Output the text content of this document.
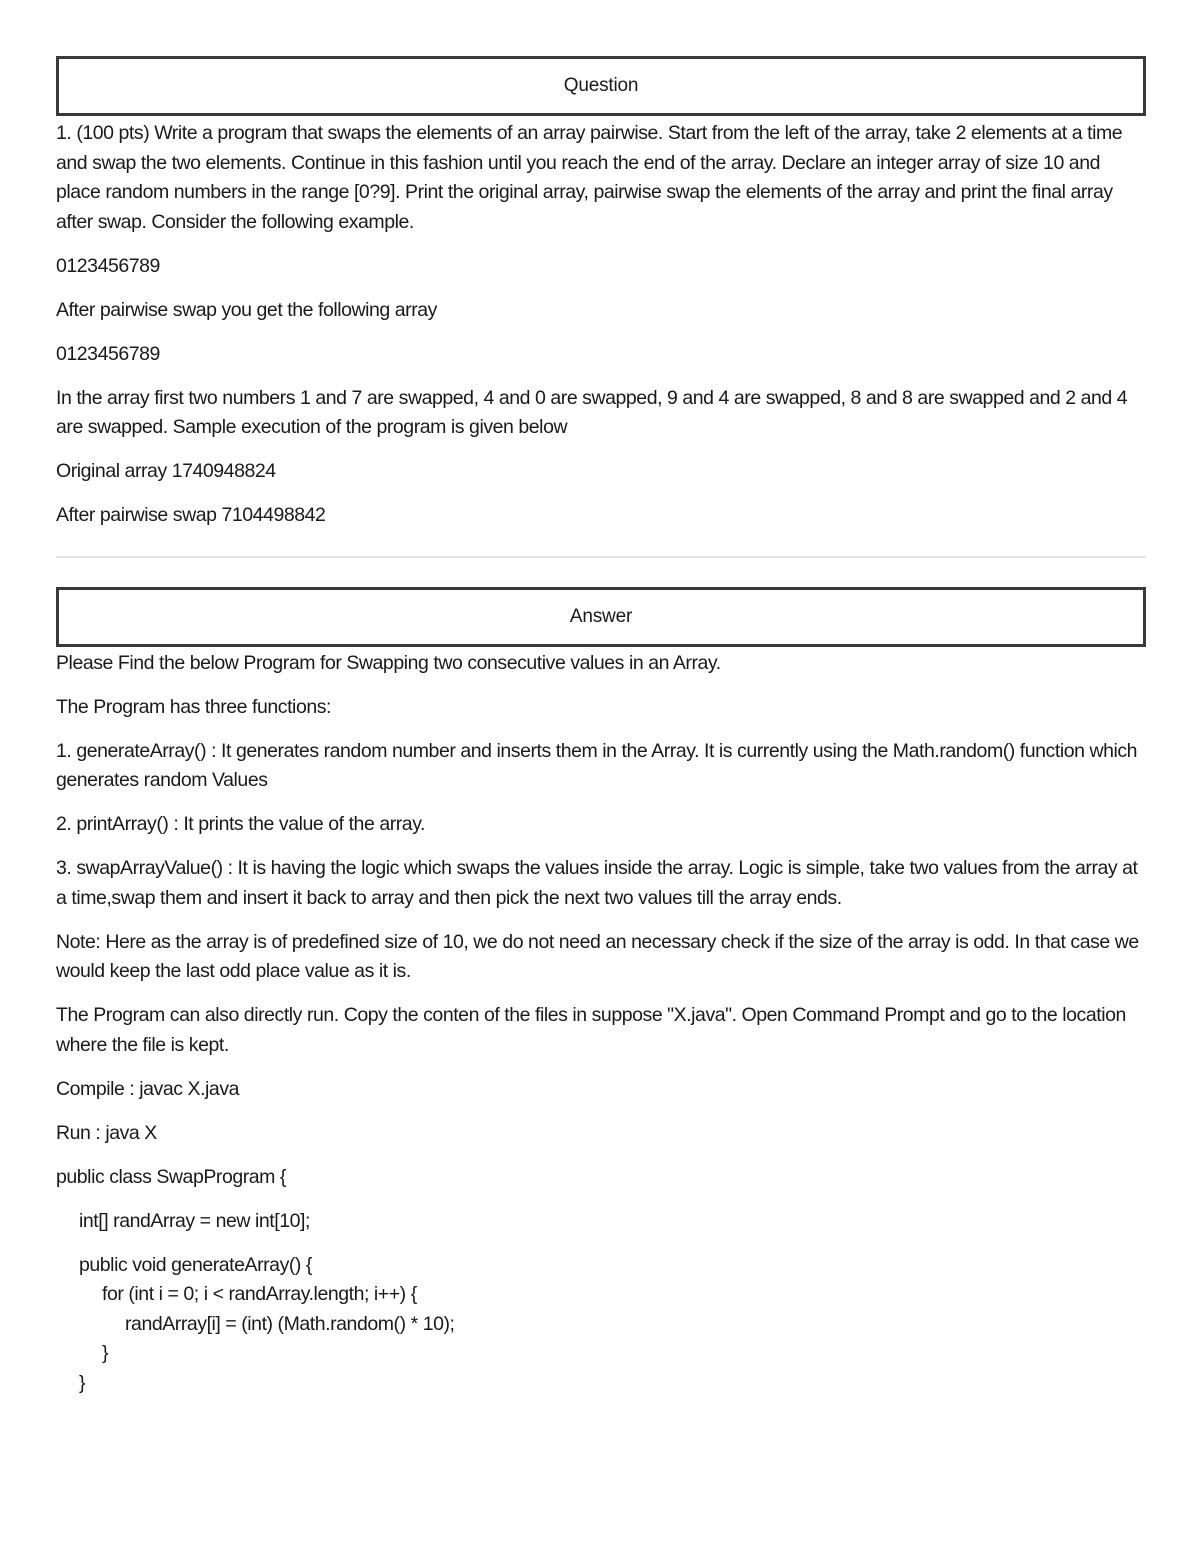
Question

1. (100 pts) Write a program that swaps the elements of an array pairwise. Start from the left of the array, take 2 elements at a time and swap the two elements. Continue in this fashion until you reach the end of the array. Declare an integer array of size 10 and place random numbers in the range [0?9]. Print the original array, pairwise swap the elements of the array and print the final array after swap. Consider the following example.

0123456789

After pairwise swap you get the following array

0123456789

In the array first two numbers 1 and 7 are swapped, 4 and 0 are swapped, 9 and 4 are swapped, 8 and 8 are swapped and 2 and 4 are swapped. Sample execution of the program is given below

Original array 1740948824

After pairwise swap 7104498842

Answer

Please Find the below Program for Swapping two consecutive values in an Array.

The Program has three functions:

1. generateArray() : It generates random number and inserts them in the Array. It is currently using the Math.random() function which generates random Values

2. printArray() : It prints the value of the array.

3. swapArrayValue() : It is having the logic which swaps the values inside the array. Logic is simple, take two values from the array at a time,swap them and insert it back to array and then pick the next two values till the array ends.

Note: Here as the array is of predefined size of 10, we do not need an necessary check if the size of the array is odd. In that case we would keep the last odd place value as it is.

The Program can also directly run. Copy the conten of the files in suppose "X.java". Open Command Prompt and go to the location where the file is kept.

Compile : javac X.java

Run : java X

public class SwapProgram {
int[] randArray = new int[10];
public void generateArray() {
for (int i = 0; i < randArray.length; i++) {
randArray[i] = (int) (Math.random() * 10);
}
}
